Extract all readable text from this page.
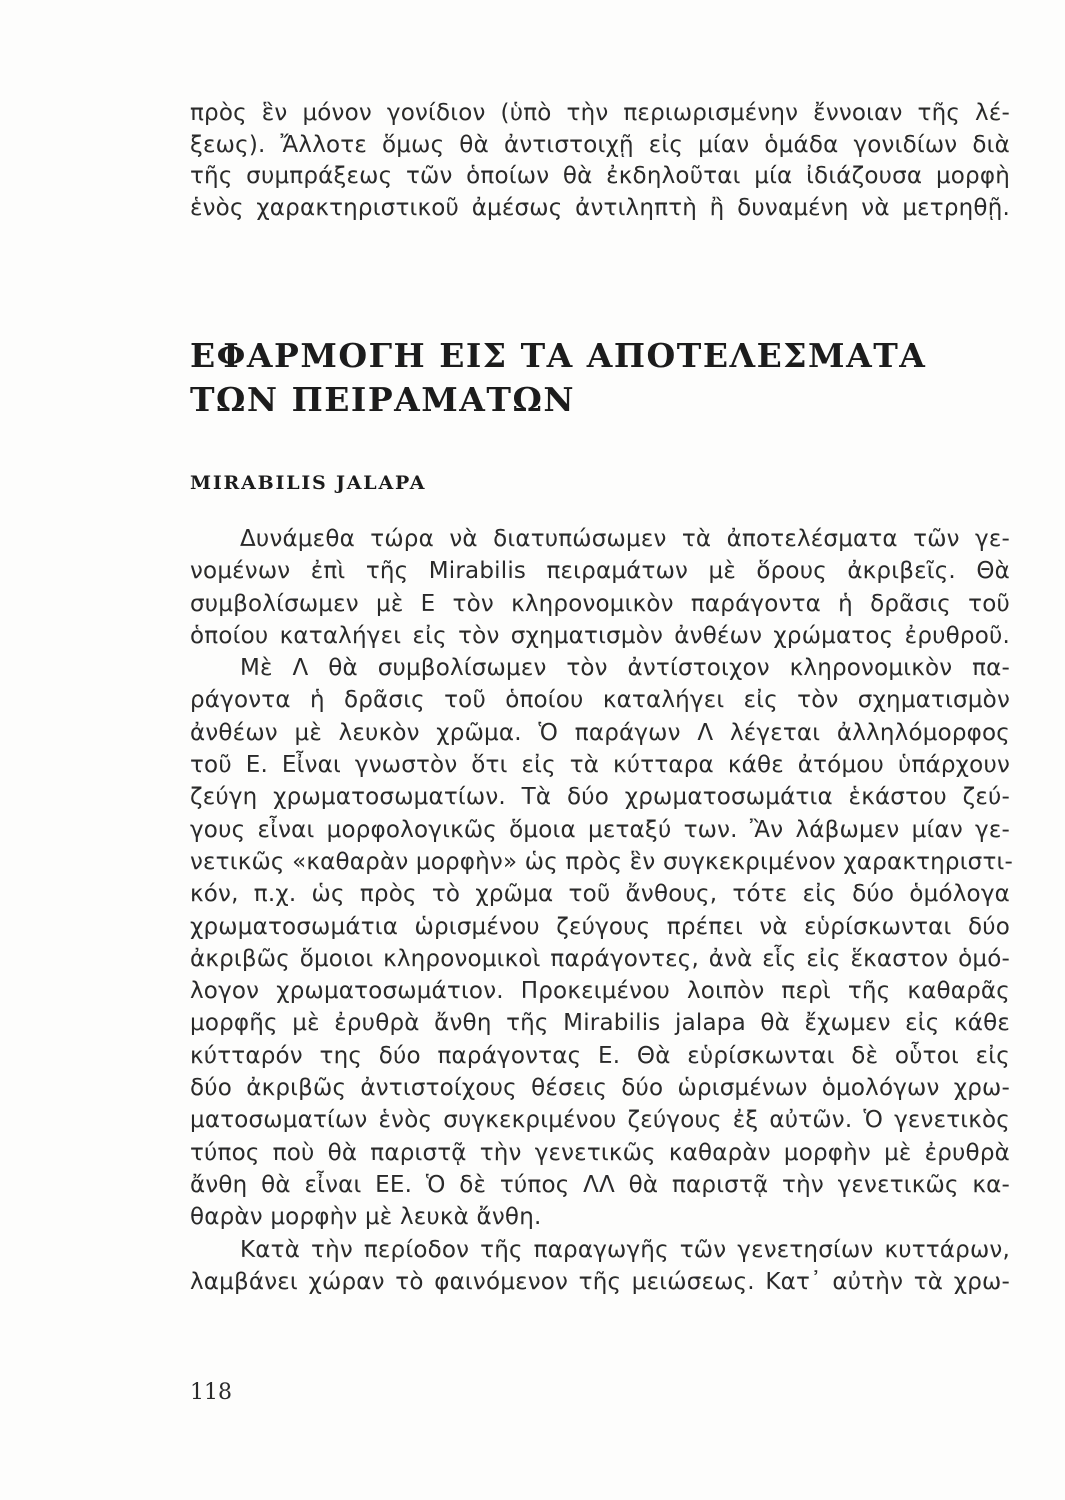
πρὸς ἓν μόνον γονίδιον (ὑπὸ τὴν περιωρισμένην ἔννοιαν τῆς λέ-
ξεως). Ἄλλοτε ὅμως θὰ ἀντιστοιχῇ εἰς μίαν ὁμάδα γονιδίων διὰ
τῆς συμπράξεως τῶν ὁποίων θὰ ἐκδηλοῦται μία ἰδιάζουσα μορφὴ
ἑνὸς χαρακτηριστικοῦ ἀμέσως ἀντιληπτὴ ἢ δυναμένη νὰ μετρηθῇ.
ΕΦΑΡΜΟΓΗ ΕΙΣ ΤΑ ΑΠΟΤΕΛΕΣΜΑΤΑ
ΤΩΝ ΠΕΙΡΑΜΑΤΩΝ
MIRABILIS JALAPA
Δυνάμεθα τώρα νὰ διατυπώσωμεν τὰ ἀποτελέσματα τῶν γε-
νομένων ἐπὶ τῆς Mirabilis πειραμάτων μὲ ὅρους ἀκριβεῖς. Θὰ
συμβολίσωμεν μὲ Ε τὸν κληρονομικὸν παράγοντα ἡ δρᾶσις τοῦ
ὁποίου καταλήγει εἰς τὸν σχηματισμὸν ἀνθέων χρώματος ἐρυθροῦ.
Μὲ Λ θὰ συμβολίσωμεν τὸν ἀντίστοιχον κληρονομικὸν πα-
ράγοντα ἡ δρᾶσις τοῦ ὁποίου καταλήγει εἰς τὸν σχηματισμὸν
ἀνθέων μὲ λευκὸν χρῶμα. Ὁ παράγων Λ λέγεται ἀλληλόμορφος
τοῦ Ε. Εἶναι γνωστὸν ὅτι εἰς τὰ κύτταρα κάθε ἀτόμου ὑπάρχουν
ζεύγη χρωματοσωματίων. Τὰ δύο χρωματοσωμάτια ἑκάστου ζεύ-
γους εἶναι μορφολογικῶς ὅμοια μεταξύ των. Ἂν λάβωμεν μίαν γε-
νετικῶς «καθαρὰν μορφὴν» ὡς πρὸς ἓν συγκεκριμένον χαρακτηριστι-
κόν, π.χ. ὡς πρὸς τὸ χρῶμα τοῦ ἄνθους, τότε εἰς δύο ὁμόλογα
χρωματοσωμάτια ὡρισμένου ζεύγους πρέπει νὰ εὑρίσκωνται δύο
ἀκριβῶς ὅμοιοι κληρονομικοὶ παράγοντες, ἀνὰ εἷς εἰς ἕκαστον ὁμό-
λογον χρωματοσωμάτιον. Προκειμένου λοιπὸν περὶ τῆς καθαρᾶς
μορφῆς μὲ ἐρυθρὰ ἄνθη τῆς Mirabilis jalapa θὰ ἔχωμεν εἰς κάθε
κύτταρόν της δύο παράγοντας Ε. Θὰ εὑρίσκωνται δὲ οὗτοι εἰς
δύο ἀκριβῶς ἀντιστοίχους θέσεις δύο ὡρισμένων ὁμολόγων χρω-
ματοσωματίων ἑνὸς συγκεκριμένου ζεύγους ἐξ αὐτῶν. Ὁ γενετικὸς
τύπος ποὺ θὰ παριστᾷ τὴν γενετικῶς καθαρὰν μορφὴν μὲ ἐρυθρὰ
ἄνθη θὰ εἶναι ΕΕ. Ὁ δὲ τύπος ΛΛ θὰ παριστᾷ τὴν γενετικῶς κα-
θαρὰν μορφὴν μὲ λευκὰ ἄνθη.
Κατὰ τὴν περίοδον τῆς παραγωγῆς τῶν γενετησίων κυττάρων,
λαμβάνει χώραν τὸ φαινόμενον τῆς μειώσεως. Κατ᾽ αὐτὴν τὰ χρω-
118
